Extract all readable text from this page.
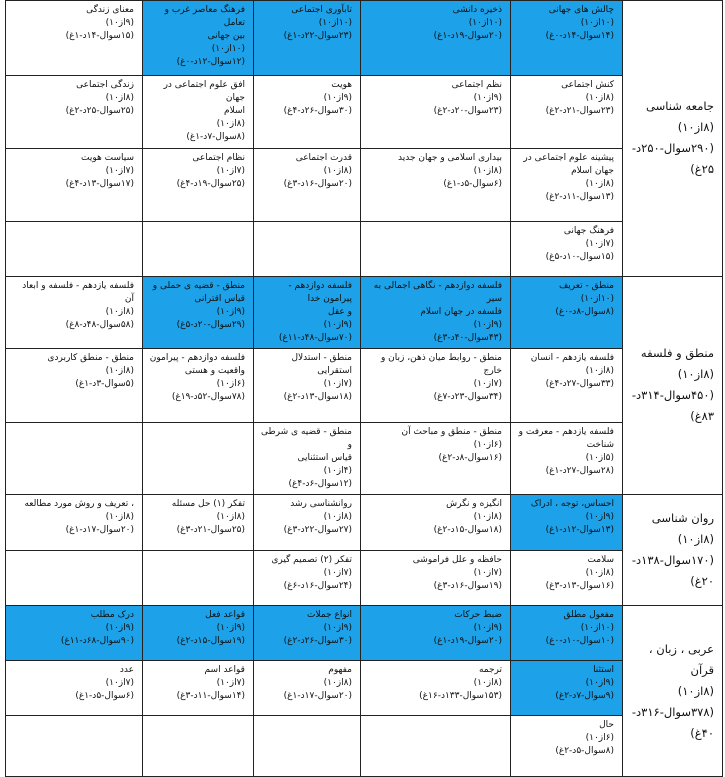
جامعه شناسی (۸از۱۰)
(۲۹۰سوال-۲۵۰د-
۲۵غ)
چالش های جهانی
(۱۰از۱۰)
(۱۴سوال-۱۴د-۰غ)
ذخیره دانشی
(۱۰از۱۰)
(۲۰سوال-۱۹د-۱غ)
تابآوری اجتماعی
(۱۰از۱۰)
(۲۳سوال-۲۲د-۱غ)
فرهنگ معاصر غرب و تعامل
بین جهانی
(۱۰از۱۰)
(۱۲سوال-۱۲د-۰غ)
معنای زندگی
(۹از۱۰)
(۱۵سوال-۱۴د-۱غ)
کنش اجتماعی
(۸از۱۰)
(۲۳سوال-۲۱د-۲غ)
نظم اجتماعی
(۹از۱۰)
(۲۳سوال-۲۰د-۲غ)
هویت
(۹از۱۰)
(۳۰سوال-۲۶د-۴غ)
افق علوم اجتماعی در جهان
اسلام
(۸از۱۰)
(۸سوال-۷د-۱غ)
زندگی اجتماعی
(۸از۱۰)
(۲۵سوال-۲۵د-۲غ)
پیشینه علوم اجتماعی در
جهان اسلام
(۸از۱۰)
(۱۳سوال-۱۱د-۲غ)
بیداری اسلامی و جهان جدید
(۸از۱۰)
(۶سوال-۵د-۱غ)
قدرت اجتماعی
(۸از۱۰)
(۲۰سوال-۱۶د-۳غ)
نظام اجتماعی
(۷از۱۰)
(۲۵سوال-۱۹د-۴غ)
سیاست هویت
(۷از۱۰)
(۱۷سوال-۱۳د-۴غ)
فرهنگ جهانی
(۷از۱۰)
(۱۵سوال-۱۰د-۵غ)
منطق و فلسفه (۸از۱۰)
(۴۵۰سوال-۳۱۴د-
۸۳غ)
منطق - تعریف
(۱۰از۱۰)
(۸سوال-۸د-۰غ)
فلسفه دوازدهم - نگاهی اجمالی به سیر
فلسفه در جهان اسلام
(۹از۱۰)
(۴۳سوال-۴۰د-۳غ)
فلسفه دوازدهم - پیرامون خدا
و عقل
(۹از۱۰)
(۷۰سوال-۴۸د-۱۱غ)
منطق - قضیه ی حملی و
قیاس اقترانی
(۹از۱۰)
(۲۹سوال-۲۰د-۵غ)
فلسفه یازدهم - فلسفه و ابعاد
آن
(۸از۱۰)
(۵۸سوال-۴۸د-۸غ)
فلسفه یازدهم - انسان
(۸از۱۰)
(۳۳سوال-۲۷د-۴غ)
منطق - روابط میان ذهن، زبان و خارج
(۷از۱۰)
(۳۴سوال-۲۳د-۷غ)
منطق - استدلال استقرایی
(۷از۱۰)
(۱۸سوال-۱۳د-۲غ)
فلسفه دوازدهم - پیرامون
واقعیت و هستی
(۶از۱۰)
(۷۸سوال-۵۲د-۱۹غ)
منطق - منطق کاربردی
(۸از۱۰)
(۵سوال-۳د-۱غ)
فلسفه یازدهم - معرفت و
شناخت
(۵از۱۰)
(۲۸سوال-۲۷د-۱غ)
منطق - منطق و مباحث آن
(۶از۱۰)
(۱۶سوال-۸د-۲غ)
منطق - قضیه ی شرطی و
قیاس استثنایی
(۴از۱۰)
(۱۲سوال-۶د-۴غ)
روان شناسی (۸از۱۰)
(۱۷۰سوال-۱۳۸د-
۲۰غ)
احساس، توجه ، ادراک
(۹از۱۰)
(۱۳سوال-۱۲د-۱غ)
انگیزه و نگرش
(۸از۱۰)
(۱۸سوال-۱۵د-۲غ)
روانشناسی رشد
(۸از۱۰)
(۲۷سوال-۲۲د-۳غ)
تفکر (۱) حل مسئله
(۸از۱۰)
(۲۵سوال-۲۱د-۳غ)
، تعریف و روش مورد مطالعه
(۸از۱۰)
(۲۰سوال-۱۷د-۱غ)
سلامت
(۸از۱۰)
(۱۶سوال-۱۳د-۳غ)
حافظه و علل فراموشی
(۷از۱۰)
(۱۹سوال-۱۶د-۳غ)
تفکر (۲) تصمیم گیری
(۷از۱۰)
(۲۴سوال-۱۶د-۶غ)
عربی ، زبان ، قرآن
(۸از۱۰)
(۳۷۸سوال-۳۱۶د-
۴۰غ)
مفعول مطلق
(۱۰از۱۰)
(۱۰سوال-۱۰د-۰غ)
ضبط حرکات
(۹از۱۰)
(۲۰سوال-۱۹د-۱غ)
انواع جملات
(۹از۱۰)
(۳۰سوال-۲۶د-۲غ)
قواعد فعل
(۹از۱۰)
(۱۹سوال-۱۵د-۲غ)
درک مطلب
(۹از۱۰)
(۹۰سوال-۶۸د-۱۱غ)
استثنا
(۹از۱۰)
(۹سوال-۷د-۲غ)
ترجمه
(۸از۱۰)
(۱۵۳سوال-۱۳۳د-۱۶غ)
مفهوم
(۸از۱۰)
(۲۰سوال-۱۷د-۱غ)
قواعد اسم
(۷از۱۰)
(۱۴سوال-۱۱د-۳غ)
عدد
(۷از۱۰)
(۶سوال-۵د-۱غ)
حال
(۶از۱۰)
(۸سوال-۵د-۲غ)
